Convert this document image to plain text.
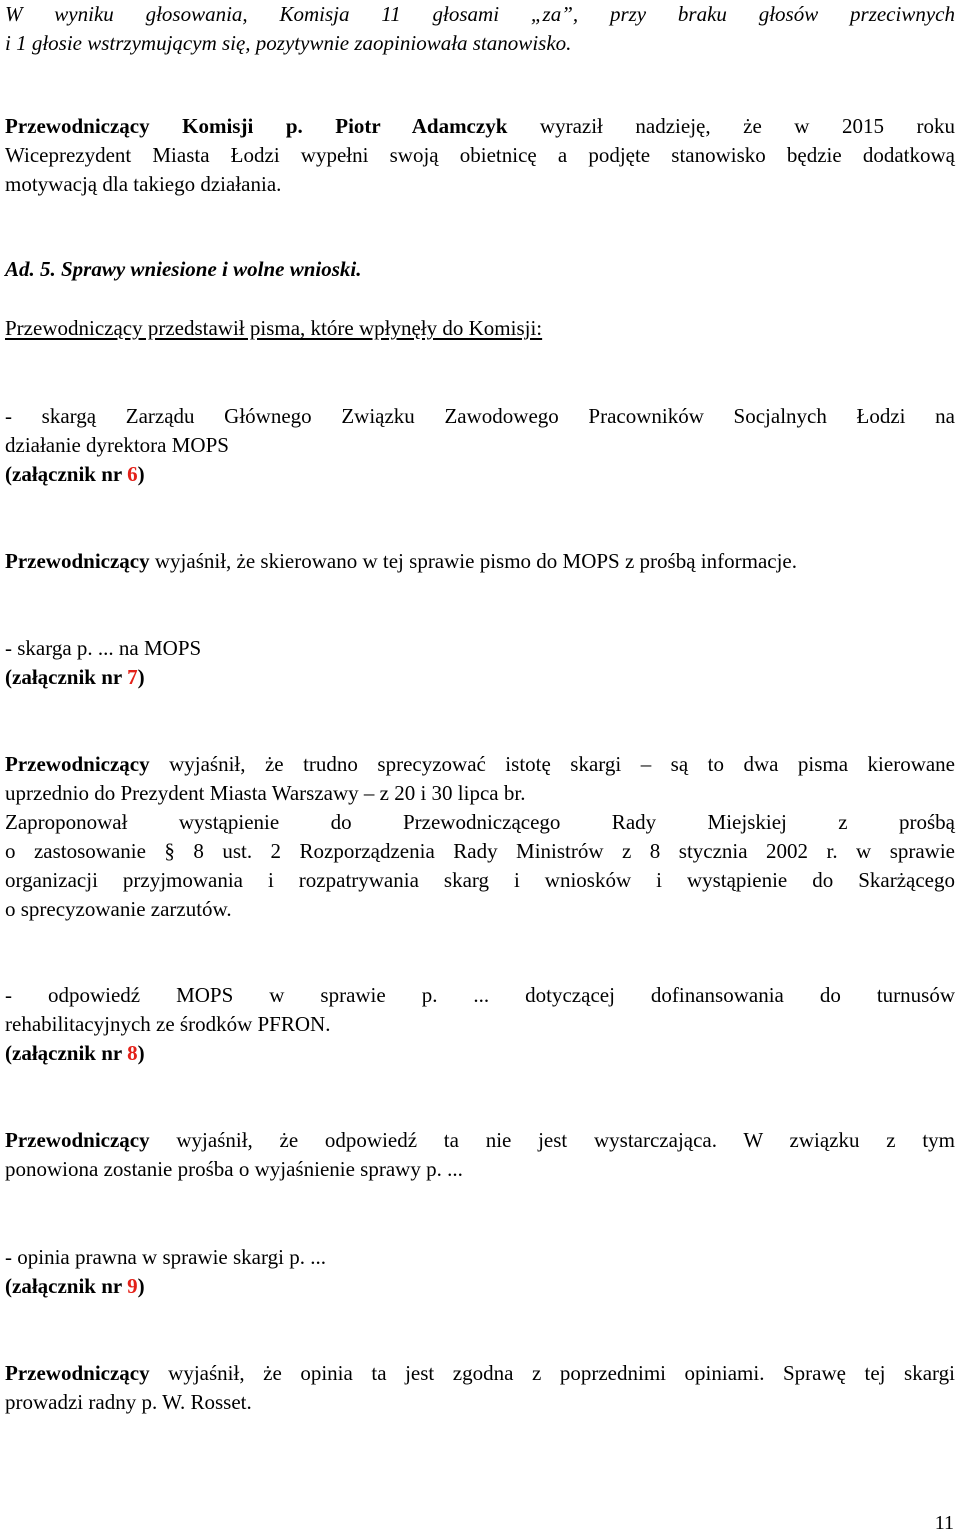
W wyniku głosowania, Komisja 11 głosami „za”, przy braku głosów przeciwnych
i 1 głosie wstrzymującym się, pozytywnie zaopiniowała stanowisko.
Przewodniczący Komisji p. Piotr Adamczyk wyraził nadzieję, że w 2015 roku
Wiceprezydent Miasta Łodzi wypełni swoją obietnicę a podjęte stanowisko będzie dodatkową
motywacją dla takiego działania.
Ad. 5. Sprawy wniesione i wolne wnioski.
Przewodniczący przedstawił pisma, które wpłynęły do Komisji:
- skargą Zarządu Głównego Związku Zawodowego Pracowników Socjalnych Łodzi na
działanie dyrektora MOPS
(załącznik nr 6)
Przewodniczący wyjaśnił, że skierowano w tej sprawie pismo do MOPS z prośbą informacje.
- skarga p. ... na MOPS
(załącznik nr 7)
Przewodniczący wyjaśnił, że trudno sprecyzować istotę skargi – są to dwa pisma kierowane
uprzednio do Prezydent Miasta Warszawy – z 20 i 30 lipca br.
Zaproponował wystąpienie do Przewodniczącego Rady Miejskiej z prośbą
o zastosowanie § 8 ust. 2 Rozporządzenia Rady Ministrów z 8 stycznia 2002 r. w sprawie
organizacji przyjmowania i rozpatrywania skarg i wniosków i wystąpienie do Skarżącego
o sprecyzowanie zarzutów.
- odpowiedź MOPS w sprawie p. ... dotyczącej dofinansowania do turnusów
rehabilitacyjnych ze środków PFRON.
(załącznik nr 8)
Przewodniczący wyjaśnił, że odpowiedź ta nie jest wystarczająca. W związku z tym
ponowiona zostanie prośba o wyjaśnienie sprawy p. ...
- opinia prawna w sprawie skargi p. ...
(załącznik nr 9)
Przewodniczący wyjaśnił, że opinia ta jest zgodna z poprzednimi opiniami. Sprawę tej skargi
prowadzi radny p. W. Rosset.
11
